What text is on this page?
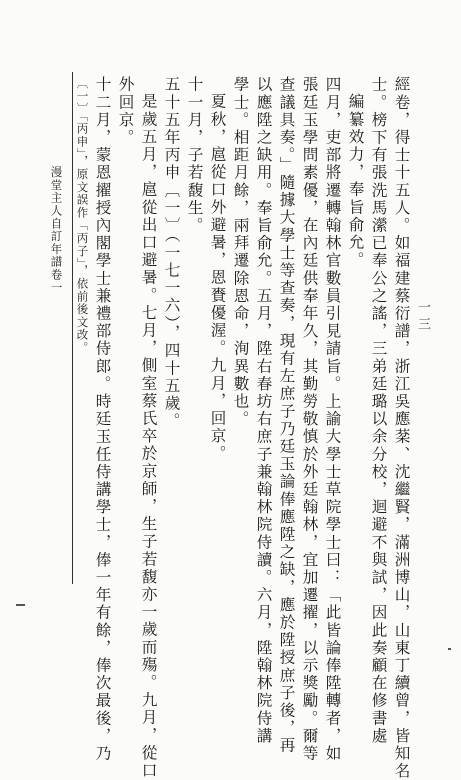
漫堂主人自訂年譜卷一 〔一〕「丙申」，原文誤作「丙子」，依前後文改。 十二月，蒙恩擢授內閣學士兼禮部侍郎。時廷玉任侍講學士，俸一年有餘，俸次最後，乃 外回京。 是歲五月，扈從出口避暑。七月，側室蔡氏卒於京師，生子若馥亦一歲而殤。九月，從口 五十五年丙申〔一〕（一七一六），四十五歲。 十一月，子若馥生。 夏秋，扈從口外避暑，恩賚優渥。九月，回京。 學士。相距月餘，兩拜遷除恩命，洵異數也。 以應陞之缺用。奉旨俞允。五月，陞右春坊右庶子兼翰林院侍讀。六月，陞翰林院侍講 查議具奏。」隨據大學士等查奏，現有左庶子乃廷玉論俸應陞之缺，應於陞授庶子後，再 張廷玉學問素優，在內廷供奉年久，其勤勞敬慎於外廷翰林，宜加遷擢，以示獎勵。爾等 四月，吏部將遷轉翰林官數員引見請旨。上諭大學士草院學士曰：「此皆論俸陞轉者，如 編纂效力，奉旨俞允。 士。榜下有張洗馬瀠已奉公之謠，三弟廷璐以余分校，迴避不與試，因此奏顧在修書處 經卷，得士十五人。如福建蔡衍譜，浙江吳應棻、沈繼賢，滿洲博山，山東丁續曾，皆知名 一三
